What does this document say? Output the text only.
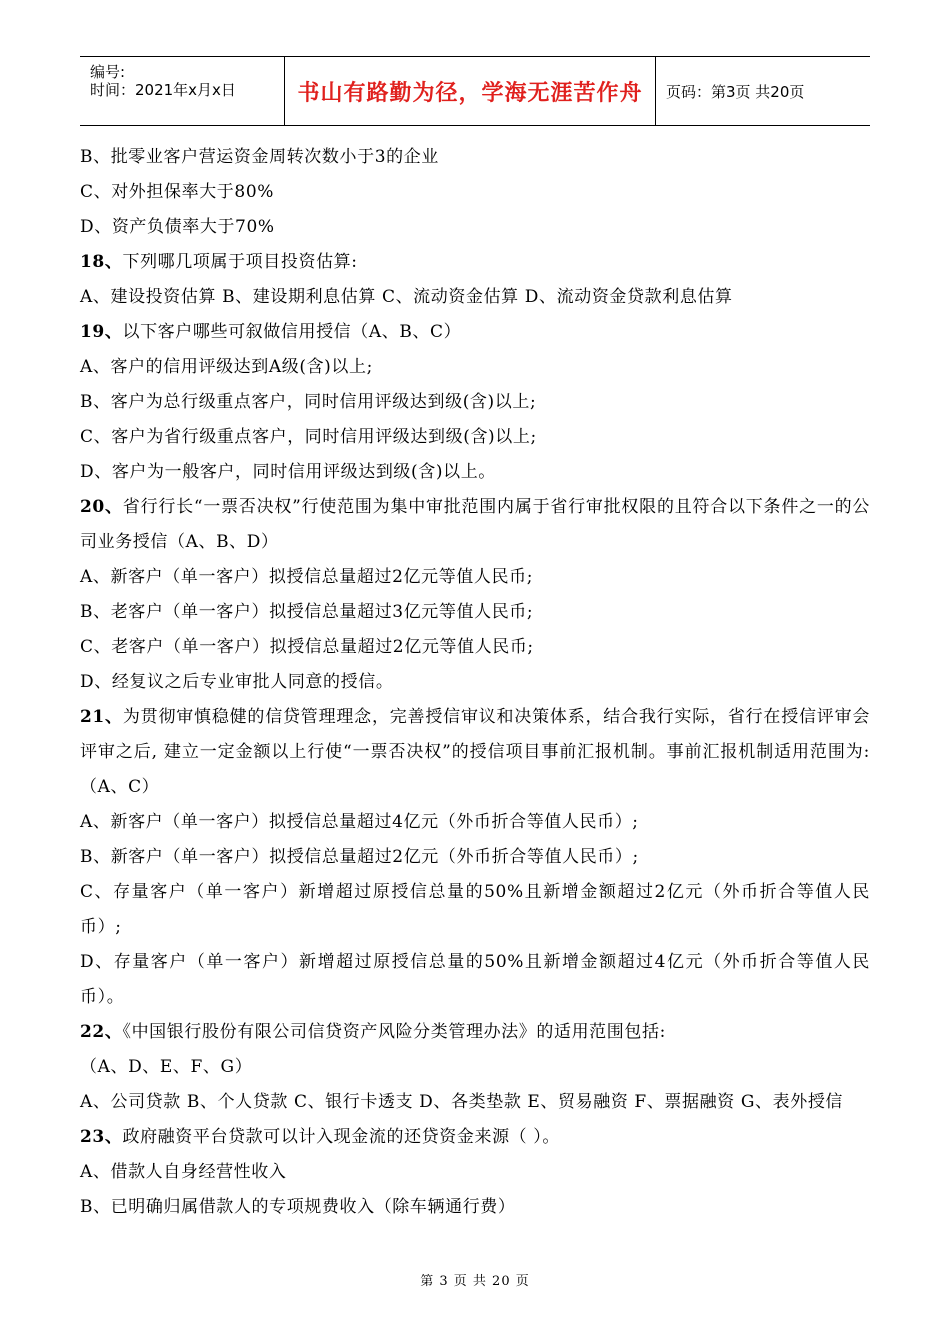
编号:
时间：2021年x月x日	书山有路勤为径，学海无涯苦作舟 页码：第3页 共20页
B、批零业客户营运资金周转次数小于3的企业
C、对外担保率大于80%
D、资产负债率大于70%
18、下列哪几项属于项目投资估算:
A、建设投资估算 B、建设期利息估算 C、流动资金估算 D、流动资金贷款利息估算
19、以下客户哪些可叙做信用授信（A、B、C）
A、客户的信用评级达到A级(含)以上;
B、客户为总行级重点客户，同时信用评级达到级(含)以上;
C、客户为省行级重点客户，同时信用评级达到级(含)以上;
D、客户为一般客户，同时信用评级达到级(含)以上。
20、省行行长“一票否决权”行使范围为集中审批范围内属于省行审批权限的且符合以下条件之一的公司业务授信（A、B、D）
A、新客户（单一客户）拟授信总量超过2亿元等值人民币;
B、老客户（单一客户）拟授信总量超过3亿元等值人民币;
C、老客户（单一客户）拟授信总量超过2亿元等值人民币;
D、经复议之后专业审批人同意的授信。
21、为贯彻审慎稳健的信贷管理理念，完善授信审议和决策体系，结合我行实际，省行在授信评审会评审之后, 建立一定金额以上行使“一票否决权”的授信项目事前汇报机制。事前汇报机制适用范围为:（A、C）
A、新客户（单一客户）拟授信总量超过4亿元（外币折合等值人民币）;
B、新客户（单一客户）拟授信总量超过2亿元（外币折合等值人民币）;
C、存量客户（单一客户）新增超过原授信总量的50%且新增金额超过2亿元（外币折合等值人民币）;
D、存量客户（单一客户）新增超过原授信总量的50%且新增金额超过4亿元（外币折合等值人民币）。
22、《中国银行股份有限公司信贷资产风险分类管理办法》的适用范围包括:
（A、D、E、F、G）
A、公司贷款 B、个人贷款 C、银行卡透支 D、各类垫款 E、贸易融资 F、票据融资 G、表外授信
23、政府融资平台贷款可以计入现金流的还贷资金来源（ ）。
A、借款人自身经营性收入
B、已明确归属借款人的专项规费收入（除车辆通行费）
第 3 页 共 20 页
